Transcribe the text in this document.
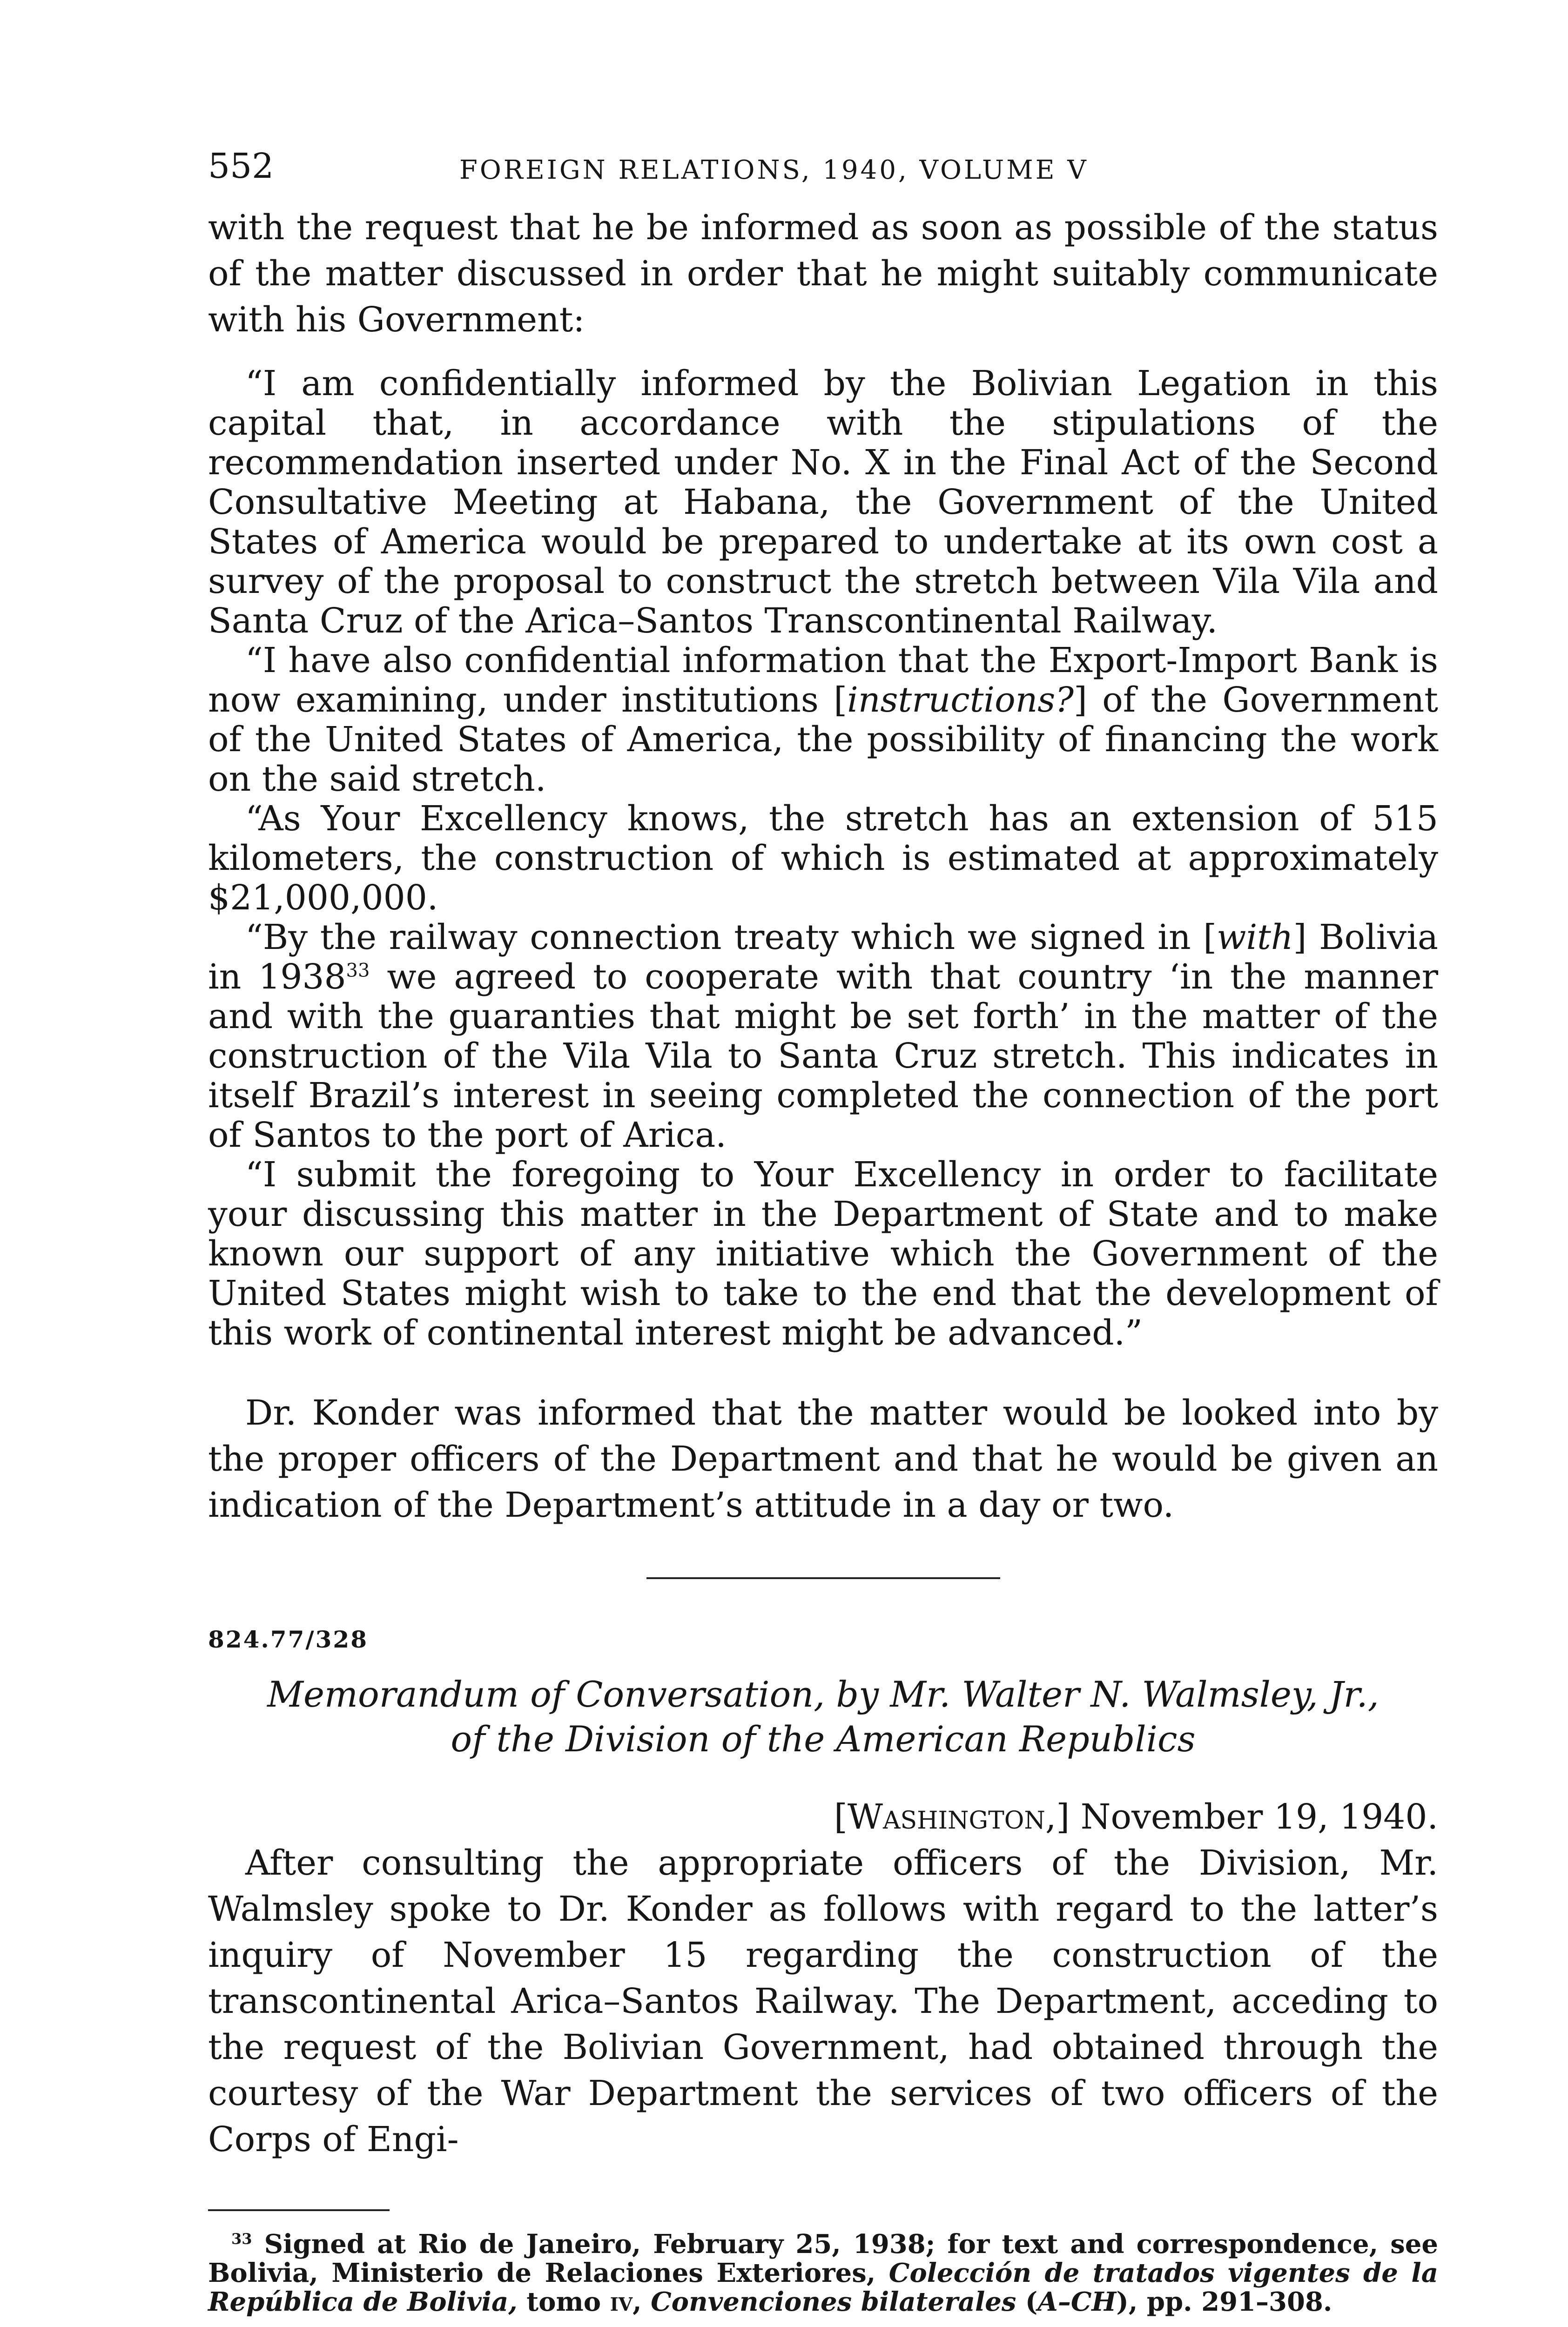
552	FOREIGN RELATIONS, 1940, VOLUME V

with the request that he be informed as soon as possible of the status of the matter discussed in order that he might suitably communicate with his Government:

“I am confidentially informed by the Bolivian Legation in this capital that, in accordance with the stipulations of the recommendation inserted under No. X in the Final Act of the Second Consultative Meeting at Habana, the Government of the United States of America would be prepared to undertake at its own cost a survey of the proposal to construct the stretch between Vila Vila and Santa Cruz of the Arica–Santos Transcontinental Railway.

“I have also confidential information that the Export-Import Bank is now examining, under institutions [instructions?] of the Government of the United States of America, the possibility of financing the work on the said stretch.

“As Your Excellency knows, the stretch has an extension of 515 kilometers, the construction of which is estimated at approximately $21,000,000.

“By the railway connection treaty which we signed in [with] Bolivia in 1938$^{33}$ we agreed to cooperate with that country ‘in the manner and with the guaranties that might be set forth’ in the matter of the construction of the Vila Vila to Santa Cruz stretch. This indicates in itself Brazil’s interest in seeing completed the connection of the port of Santos to the port of Arica.

“I submit the foregoing to Your Excellency in order to facilitate your discussing this matter in the Department of State and to make known our support of any initiative which the Government of the United States might wish to take to the end that the development of this work of continental interest might be advanced.”

Dr. Konder was informed that the matter would be looked into by the proper officers of the Department and that he would be given an indication of the Department’s attitude in a day or two.

824.77/328
Memorandum of Conversation, by Mr. Walter N. Walmsley, Jr.,
of the Division of the American Republics
[Washington,] November 19, 1940.

After consulting the appropriate officers of the Division, Mr. Walmsley spoke to Dr. Konder as follows with regard to the latter’s inquiry of November 15 regarding the construction of the transcontinental Arica–Santos Railway. The Department, acceding to the request of the Bolivian Government, had obtained through the courtesy of the War Department the services of two officers of the Corps of Engi-

$^{33}$ Signed at Rio de Janeiro, February 25, 1938; for text and correspondence, see Bolivia, Ministerio de Relaciones Exteriores, Colección de tratados vigentes de la República de Bolivia, tomo iv, Convenciones bilaterales (A–CH), pp. 291–308.
